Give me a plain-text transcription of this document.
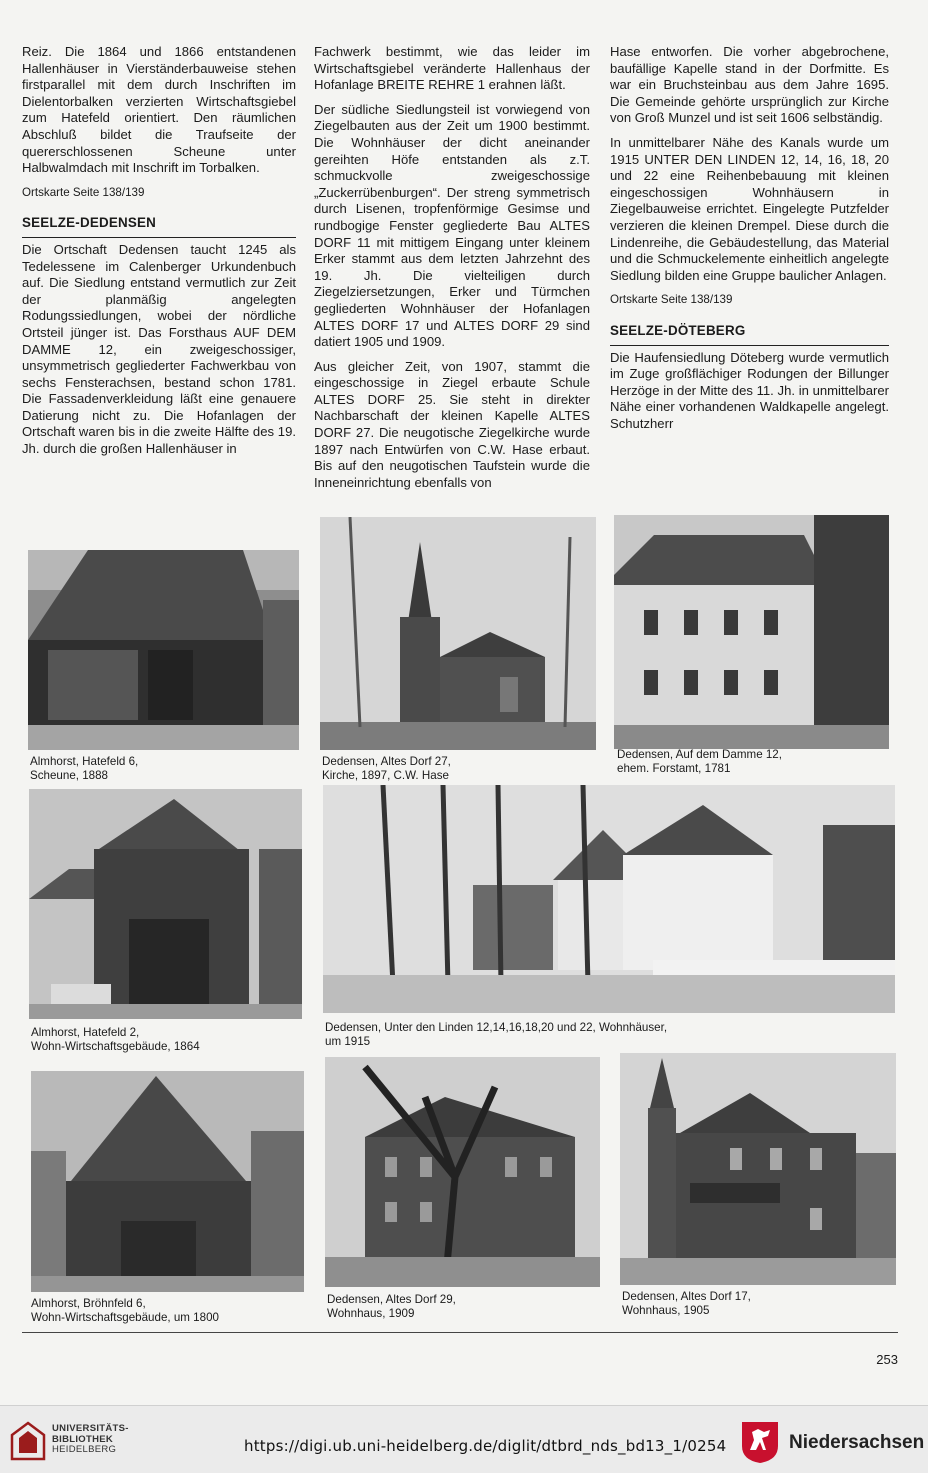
Reiz. Die 1864 und 1866 entstandenen Hallenhäuser in Vierständerbauweise stehen firstparallel mit dem durch Inschriften im Dielentorbalken verzierten Wirtschaftsgiebel zum Hatefeld orientiert. Den räumlichen Abschluß bildet die Traufseite der quererschlossenen Scheune unter Halbwalmdach mit Inschrift im Torbalken.

Ortskarte Seite 138/139
SEELZE-DEDENSEN

Die Ortschaft Dedensen taucht 1245 als Tedelessene im Calenberger Urkundenbuch auf. Die Siedlung entstand vermutlich zur Zeit der planmäßig angelegten Rodungssiedlungen, wobei der nördliche Ortsteil jünger ist. Das Forsthaus AUF DEM DAMME 12, ein zweigeschossiger, unsymmetrisch gegliederter Fachwerkbau von sechs Fensterachsen, bestand schon 1781. Die Fassadenverkleidung läßt eine genauere Datierung nicht zu. Die Hofanlagen der Ortschaft waren bis in die zweite Hälfte des 19. Jh. durch die großen Hallenhäuser in

Fachwerk bestimmt, wie das leider im Wirtschaftsgiebel veränderte Hallenhaus der Hofanlage BREITE REHRE 1 erahnen läßt.

Der südliche Siedlungsteil ist vorwiegend von Ziegelbauten aus der Zeit um 1900 bestimmt. Die Wohnhäuser der dicht aneinander gereihten Höfe entstanden als z.T. schmuckvolle zweigeschossige „Zuckerrübenburgen“. Der streng symmetrisch durch Lisenen, tropfenförmige Gesimse und rundbogige Fenster gegliederte Bau ALTES DORF 11 mit mittigem Eingang unter kleinem Erker stammt aus dem letzten Jahrzehnt des 19. Jh. Die vielteiligen durch Ziegelziersetzungen, Erker und Türmchen gegliederten Wohnhäuser der Hofanlagen ALTES DORF 17 und ALTES DORF 29 sind datiert 1905 und 1909.

Aus gleicher Zeit, von 1907, stammt die eingeschossige in Ziegel erbaute Schule ALTES DORF 25. Sie steht in direkter Nachbarschaft der kleinen Kapelle ALTES DORF 27. Die neugotische Ziegelkirche wurde 1897 nach Entwürfen von C.W. Hase erbaut. Bis auf den neugotischen Taufstein wurde die Inneneinrichtung ebenfalls von

Hase entworfen. Die vorher abgebrochene, baufällige Kapelle stand in der Dorfmitte. Es war ein Bruchsteinbau aus dem Jahre 1695. Die Gemeinde gehörte ursprünglich zur Kirche von Groß Munzel und ist seit 1606 selbständig.

In unmittelbarer Nähe des Kanals wurde um 1915 UNTER DEN LINDEN 12, 14, 16, 18, 20 und 22 eine Reihenbebauung mit kleinen eingeschossigen Wohnhäusern in Ziegelbauweise errichtet. Eingelegte Putzfelder verzieren die kleinen Drempel. Diese durch die Lindenreihe, die Gebäudestellung, das Material und die Schmuckelemente einheitlich angelegte Siedlung bilden eine Gruppe baulicher Anlagen.

Ortskarte Seite 138/139
SEELZE-DÖTEBERG

Die Haufensiedlung Döteberg wurde vermutlich im Zuge großflächiger Rodungen der Billunger Herzöge in der Mitte des 11. Jh. in unmittelbarer Nähe einer vorhandenen Waldkapelle angelegt. Schutzherr

Almhorst, Hatefeld 6,
Scheune, 1888
Dedensen, Altes Dorf 27,
Kirche, 1897, C.W. Hase
Dedensen, Auf dem Damme 12,
ehem. Forstamt, 1781
Almhorst, Hatefeld 2,
Wohn-Wirtschaftsgebäude, 1864
Dedensen, Unter den Linden 12,14,16,18,20 und 22, Wohnhäuser,
um 1915
Almhorst, Bröhnfeld 6,
Wohn-Wirtschaftsgebäude, um 1800
Dedensen, Altes Dorf 29,
Wohnhaus, 1909
Dedensen, Altes Dorf 17,
Wohnhaus, 1905
253
UNIVERSITÄTS-
BIBLIOTHEK
HEIDELBERG	https://digi.ub.uni-heidelberg.de/diglit/dtbrd_nds_bd13_1/0254	Niedersachsen
